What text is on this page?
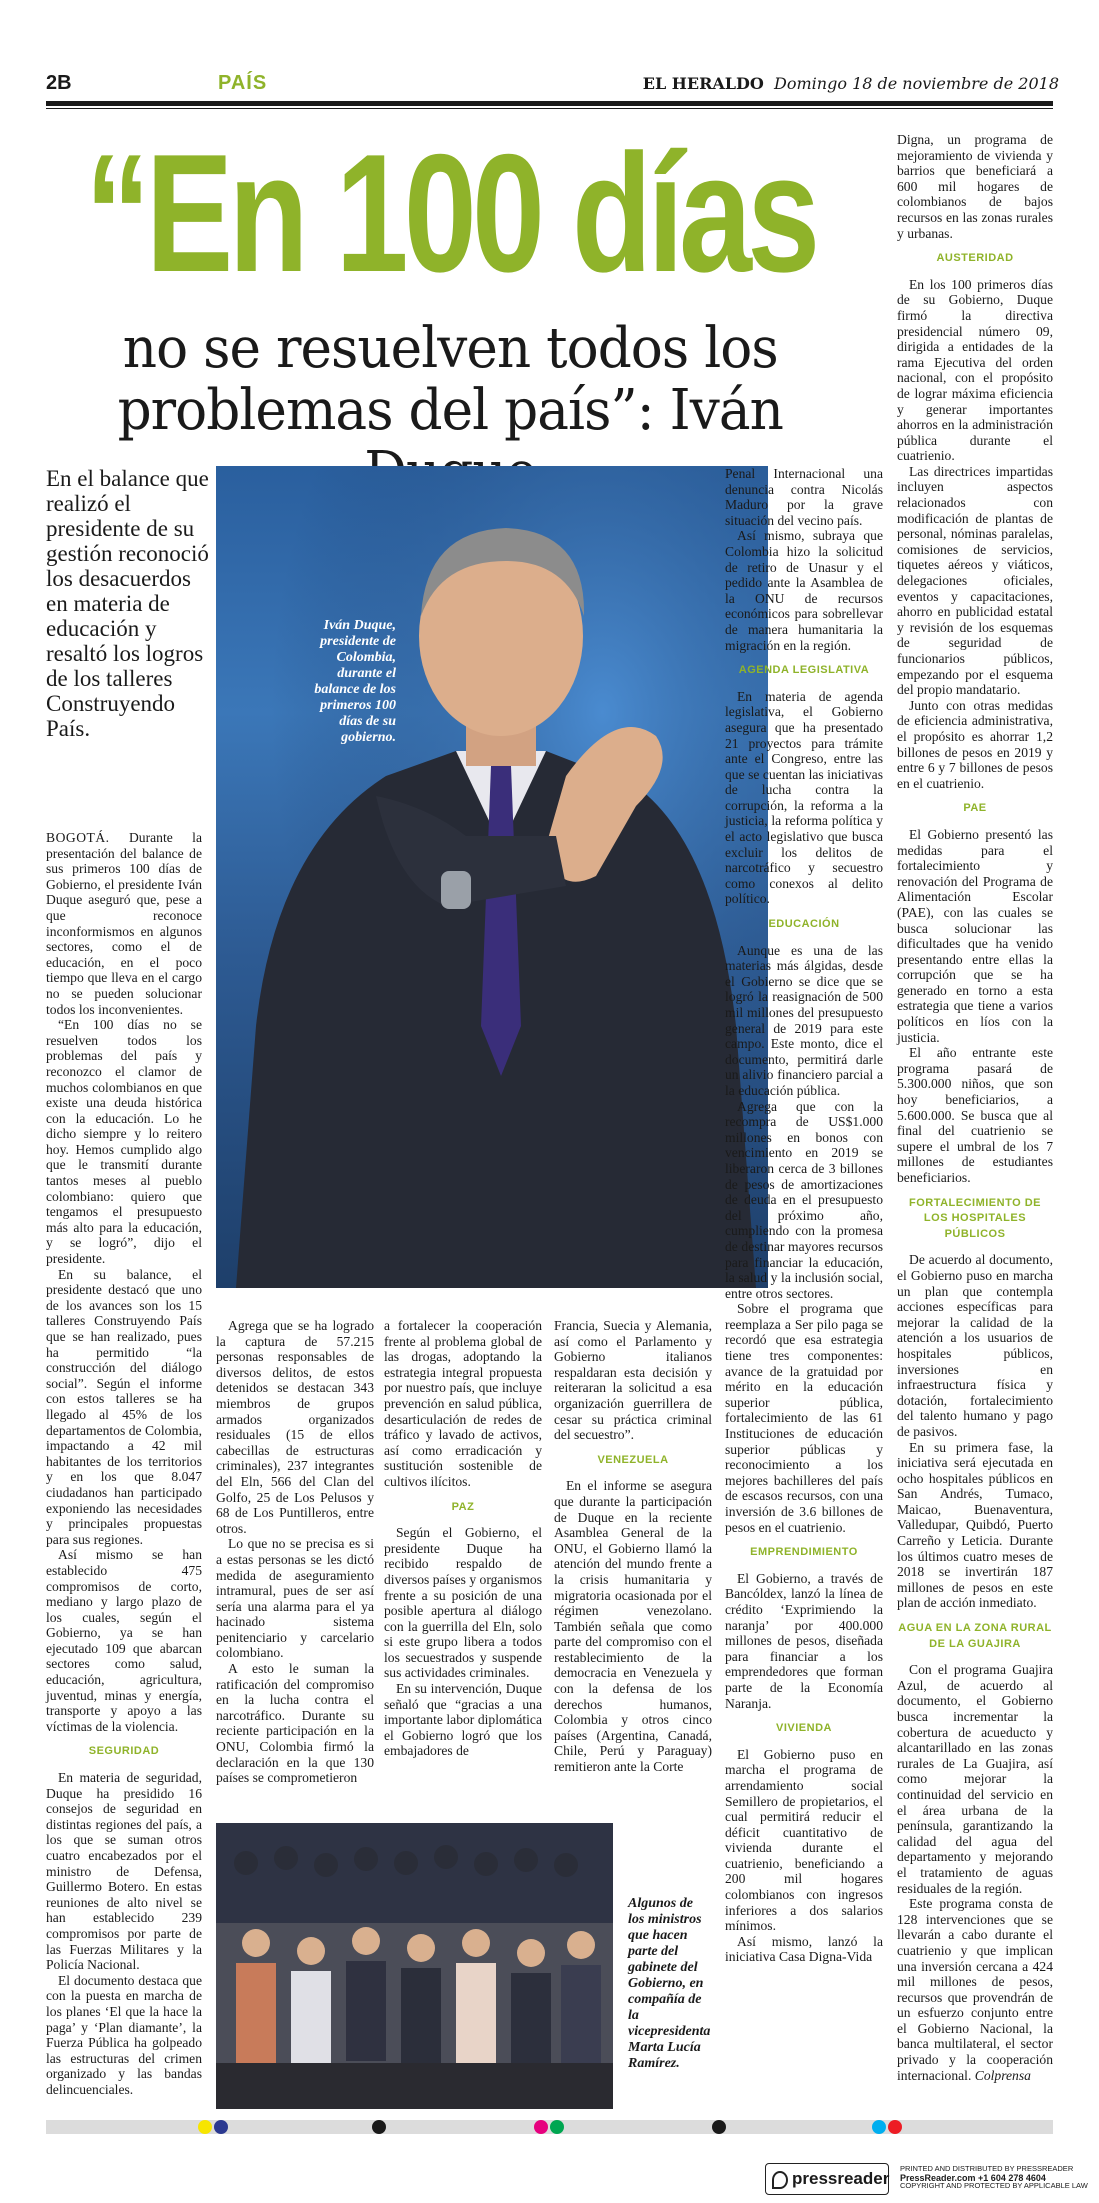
2B	PAÍS	EL HERALDO Domingo 18 de noviembre de 2018
“En 100 días
no se resuelven todos los problemas del país”: Iván
En el balance que realizó el presidente de su gestión reconoció los desacuerdos en materia de educación y resaltó los logros de los talleres Construyendo País.
Iván Duque, presidente de Colombia, durante el balance de los primeros 100 días de su gobierno.

BOGOTÁ. Durante la presentación del balance de sus primeros 100 días de Gobierno, el presidente Iván Duque aseguró que, pese a que reconoce inconformismos en algunos sectores, como el de educación, en el poco tiempo que lleva en el cargo no se pueden solucionar todos los inconvenientes.

“En 100 días no se resuelven todos los problemas del país y reconozco el clamor de muchos colombianos en que existe una deuda histórica con la educación. Lo he dicho siempre y lo reitero hoy. Hemos cumplido algo que le transmití durante tantos meses al pueblo colombiano: quiero que tengamos el presupuesto más alto para la educación, y se logró”, dijo el presidente.

En su balance, el presidente destacó que uno de los avances son los 15 talleres Construyendo País que se han realizado, pues ha permitido “la construcción del diálogo social”. Según el informe con estos talleres se ha llegado al 45% de los departamentos de Colombia, impactando a 42 mil habitantes de los territorios y en los que 8.047 ciudadanos han participado exponiendo las necesidades y principales propuestas para sus regiones.

Así mismo se han establecido 475 compromisos de corto, mediano y largo plazo de los cuales, según el Gobierno, ya se han ejecutado 109 que abarcan sectores como salud, educación, agricultura, juventud, minas y energía, transporte y apoyo a las víctimas de la violencia.

SEGURIDAD

En materia de seguridad, Duque ha presidido 16 consejos de seguridad en distintas regiones del país, a los que se suman otros cuatro encabezados por el ministro de Defensa, Guillermo Botero. En estas reuniones de alto nivel se han establecido 239 compromisos por parte de las Fuerzas Militares y la Policía Nacional.

El documento destaca que con la puesta en marcha de los planes ‘El que la hace la paga’ y ‘Plan diamante’, la Fuerza Pública ha golpeado las estructuras del crimen organizado y las bandas delincuenciales.

Agrega que se ha logrado la captura de 57.215 personas responsables de diversos delitos, de estos detenidos se destacan 343 miembros de grupos armados organizados residuales (15 de ellos cabecillas de estructuras criminales), 237 integrantes del Eln, 566 del Clan del Golfo, 25 de Los Pelusos y 68 de Los Puntilleros, entre otros.

Lo que no se precisa es si a estas personas se les dictó medida de aseguramiento intramural, pues de ser así sería una alarma para el ya hacinado sistema penitenciario y carcelario colombiano.

A esto le suman la ratificación del compromiso en la lucha contra el narcotráfico. Durante su reciente participación en la ONU, Colombia firmó la declaración en la que 130 países se comprometieron

a fortalecer la cooperación frente al problema global de las drogas, adoptando la estrategia integral propuesta por nuestro país, que incluye prevención en salud pública, desarticulación de redes de tráfico y lavado de activos, así como erradicación y sustitución sostenible de cultivos ilícitos.

PAZ

Según el Gobierno, el presidente Duque ha recibido respaldo de diversos países y organismos frente a su posición de una posible apertura al diálogo con la guerrilla del Eln, solo si este grupo libera a todos los secuestrados y suspende sus actividades criminales.

En su intervención, Duque señaló que “gracias a una importante labor diplomática el Gobierno logró que los embajadores de

Francia, Suecia y Alemania, así como el Parlamento y Gobierno italianos respaldaran esta decisión y reiteraran la solicitud a esa organización guerrillera de cesar su práctica criminal del secuestro”.

VENEZUELA

En el informe se asegura que durante la participación de Duque en la reciente Asamblea General de la ONU, el Gobierno llamó la atención del mundo frente a la crisis humanitaria y migratoria ocasionada por el régimen venezolano. También señala que como parte del compromiso con el restablecimiento de la democracia en Venezuela y con la defensa de los derechos humanos, Colombia y otros cinco países (Argentina, Canadá, Chile, Perú y Paraguay) remitieron ante la Corte

Algunos de los ministros que hacen parte del gabinete del Gobierno, en compañía de la vicepresidenta Marta Lucía Ramírez.

Penal Internacional una denuncia contra Nicolás Maduro por la grave situación del vecino país.

Así mismo, subraya que Colombia hizo la solicitud de retiro de Unasur y el pedido ante la Asamblea de la ONU de recursos económicos para sobrellevar de manera humanitaria la migración en la región.

AGENDA LEGISLATIVA

En materia de agenda legislativa, el Gobierno asegura que ha presentado 21 proyectos para trámite ante el Congreso, entre las que se cuentan las iniciativas de lucha contra la corrupción, la reforma a la justicia, la reforma política y el acto legislativo que busca excluir los delitos de narcotráfico y secuestro como conexos al delito político.

EDUCACIÓN

Aunque es una de las materias más álgidas, desde el Gobierno se dice que se logró la reasignación de 500 mil millones del presupuesto general de 2019 para este campo. Este monto, dice el documento, permitirá darle un alivio financiero parcial a la educación pública.

Agrega que con la recompra de US$1.000 millones en bonos con vencimiento en 2019 se liberaron cerca de 3 billones de pesos de amortizaciones de deuda en el presupuesto del próximo año, cumpliendo con la promesa de destinar mayores recursos para financiar la educación, la salud y la inclusión social, entre otros sectores.

Sobre el programa que reemplaza a Ser pilo paga se recordó que esa estrategia tiene tres componentes: avance de la gratuidad por mérito en la educación superior pública, fortalecimiento de las 61 Instituciones de educación superior públicas y reconocimiento a los mejores bachilleres del país de escasos recursos, con una inversión de 3.6 billones de pesos en el cuatrienio.

EMPRENDIMIENTO

El Gobierno, a través de Bancóldex, lanzó la línea de crédito ‘Exprimiendo la naranja’ por 400.000 millones de pesos, diseñada para financiar a los emprendedores que forman parte de la Economía Naranja.

VIVIENDA

El Gobierno puso en marcha el programa de arrendamiento social Semillero de propietarios, el cual permitirá reducir el déficit cuantitativo de vivienda durante el cuatrienio, beneficiando a 200 mil hogares colombianos con ingresos inferiores a dos salarios mínimos.

Así mismo, lanzó la iniciativa Casa Digna-Vida

Digna, un programa de mejoramiento de vivienda y barrios que beneficiará a 600 mil hogares de colombianos de bajos recursos en las zonas rurales y urbanas.

AUSTERIDAD

En los 100 primeros días de su Gobierno, Duque firmó la directiva presidencial número 09, dirigida a entidades de la rama Ejecutiva del orden nacional, con el propósito de lograr máxima eficiencia y generar importantes ahorros en la administración pública durante el cuatrienio.

Las directrices impartidas incluyen aspectos relacionados con modificación de plantas de personal, nóminas paralelas, comisiones de servicios, tiquetes aéreos y viáticos, delegaciones oficiales, eventos y capacitaciones, ahorro en publicidad estatal y revisión de los esquemas de seguridad de funcionarios públicos, empezando por el esquema del propio mandatario.

Junto con otras medidas de eficiencia administrativa, el propósito es ahorrar 1,2 billones de pesos en 2019 y entre 6 y 7 billones de pesos en el cuatrienio.

PAE

El Gobierno presentó las medidas para el fortalecimiento y renovación del Programa de Alimentación Escolar (PAE), con las cuales se busca solucionar las dificultades que ha venido presentando entre ellas la corrupción que se ha generado en torno a esta estrategia que tiene a varios políticos en líos con la justicia.

El año entrante este programa pasará de 5.300.000 niños, que son hoy beneficiarios, a 5.600.000. Se busca que al final del cuatrienio se supere el umbral de los 7 millones de estudiantes beneficiarios.

FORTALECIMIENTO DE LOS HOSPITALES PÚBLICOS

De acuerdo al documento, el Gobierno puso en marcha un plan que contempla acciones específicas para mejorar la calidad de la atención a los usuarios de hospitales públicos, inversiones en infraestructura física y dotación, fortalecimiento del talento humano y pago de pasivos.

En su primera fase, la iniciativa será ejecutada en ocho hospitales públicos en San Andrés, Tumaco, Maicao, Buenaventura, Valledupar, Quibdó, Puerto Carreño y Leticia. Durante los últimos cuatro meses de 2018 se invertirán 187 millones de pesos en este plan de acción inmediato.

AGUA EN LA ZONA RURAL DE LA GUAJIRA

Con el programa Guajira Azul, de acuerdo al documento, el Gobierno busca incrementar la cobertura de acueducto y alcantarillado en las zonas rurales de La Guajira, así como mejorar la continuidad del servicio en el área urbana de la península, garantizando la calidad del agua del departamento y mejorando el tratamiento de aguas residuales de la región.

Este programa consta de 128 intervenciones que se llevarán a cabo durante el cuatrienio y que implican una inversión cercana a 424 mil millones de pesos, recursos que provendrán de un esfuerzo conjunto entre el Gobierno Nacional, la banca multilateral, el sector privado y la cooperación internacional. Colprensa

pressreader
PRINTED AND DISTRIBUTED BY PRESSREADER
PressReader.com +1 604 278 4604
COPYRIGHT AND PROTECTED BY APPLICABLE LAW
